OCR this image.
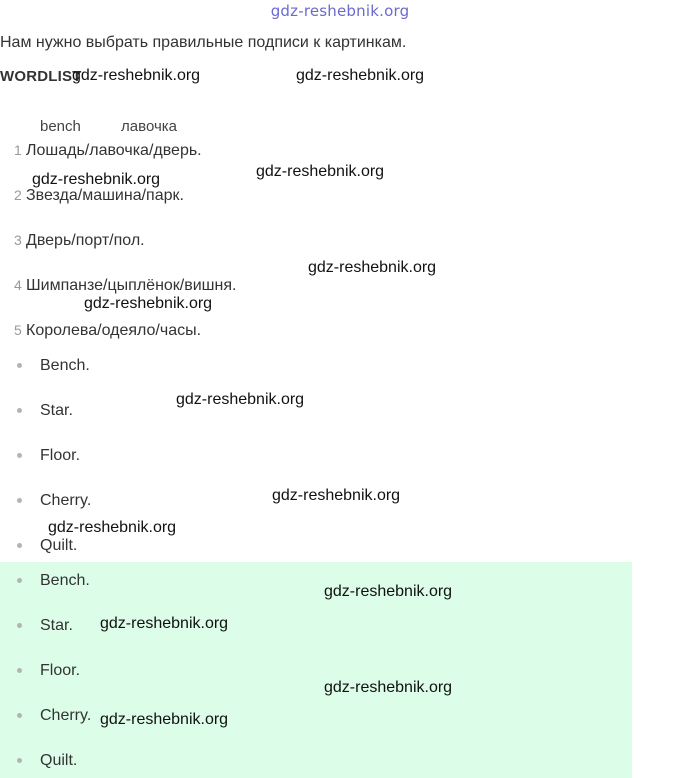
gdz-reshebnik.org
Нам нужно выбрать правильные подписи к картинкам.
WORDLIST
bench	лавочка
1 Лошадь/лавочка/дверь.
2 Звезда/машина/парк.
3 Дверь/порт/пол.
4 Шимпанзе/цыплёнок/вишня.
5 Королева/одеяло/часы.
Bench.
Star.
Floor.
Cherry.
Quilt.
Bench.
Star.
Floor.
Cherry.
Quilt.
gdz-reshebnik.org	gdz-reshebnik.org
gdz-reshebnik.org
gdz-reshebnik.org
gdz-reshebnik.org
gdz-reshebnik.org
gdz-reshebnik.org
gdz-reshebnik.org
gdz-reshebnik.org
gdz-reshebnik.org
gdz-reshebnik.org
gdz-reshebnik.org
gdz-reshebnik.org
